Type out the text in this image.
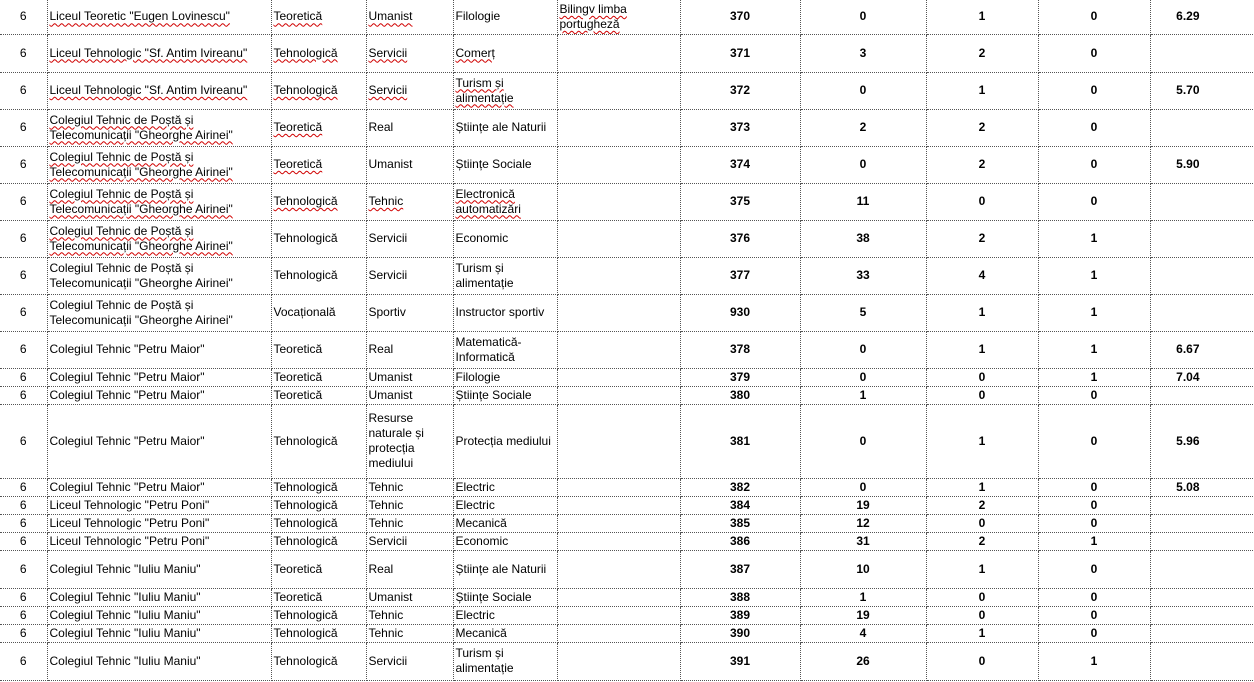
6	Liceul Teoretic "Eugen Lovinescu"	Teoretică	Umanist	Filologie	Bilingv limba portugheză	370	0	1	0	6.29
6	Liceul Tehnologic "Sf. Antim Ivireanu"	Tehnologică	Servicii	Comerț		371	3	2	0	
6	Liceul Tehnologic "Sf. Antim Ivireanu"	Tehnologică	Servicii	Turism și alimentație		372	0	1	0	5.70
6	Colegiul Tehnic de Poștă și Telecomunicații "Gheorghe Airinei"	Teoretică	Real	Științe ale Naturii		373	2	2	0	
6	Colegiul Tehnic de Poștă și Telecomunicații "Gheorghe Airinei"	Teoretică	Umanist	Științe Sociale		374	0	2	0	5.90
6	Colegiul Tehnic de Poștă și Telecomunicații "Gheorghe Airinei"	Tehnologică	Tehnic	Electronică automatizări		375	11	0	0	
6	Colegiul Tehnic de Poștă și Telecomunicații "Gheorghe Airinei"	Tehnologică	Servicii	Economic		376	38	2	1	
6	Colegiul Tehnic de Poștă și Telecomunicații "Gheorghe Airinei"	Tehnologică	Servicii	Turism și alimentație		377	33	4	1	
6	Colegiul Tehnic de Poștă și Telecomunicații "Gheorghe Airinei"	Vocațională	Sportiv	Instructor sportiv		930	5	1	1	
6	Colegiul Tehnic "Petru Maior"	Teoretică	Real	Matematică-Informatică		378	0	1	1	6.67
6	Colegiul Tehnic "Petru Maior"	Teoretică	Umanist	Filologie		379	0	0	1	7.04
6	Colegiul Tehnic "Petru Maior"	Teoretică	Umanist	Științe Sociale		380	1	0	0	
6	Colegiul Tehnic "Petru Maior"	Tehnologică	Resurse naturale și protecția mediului	Protecția mediului		381	0	1	0	5.96
6	Colegiul Tehnic "Petru Maior"	Tehnologică	Tehnic	Electric		382	0	1	0	5.08
6	Liceul Tehnologic "Petru Poni"	Tehnologică	Tehnic	Electric		384	19	2	0	
6	Liceul Tehnologic "Petru Poni"	Tehnologică	Tehnic	Mecanică		385	12	0	0	
6	Liceul Tehnologic "Petru Poni"	Tehnologică	Servicii	Economic		386	31	2	1	
6	Colegiul Tehnic "Iuliu Maniu"	Teoretică	Real	Științe ale Naturii		387	10	1	0	
6	Colegiul Tehnic "Iuliu Maniu"	Teoretică	Umanist	Științe Sociale		388	1	0	0	
6	Colegiul Tehnic "Iuliu Maniu"	Tehnologică	Tehnic	Electric		389	19	0	0	
6	Colegiul Tehnic "Iuliu Maniu"	Tehnologică	Tehnic	Mecanică		390	4	1	0	
6	Colegiul Tehnic "Iuliu Maniu"	Tehnologică	Servicii	Turism și alimentație		391	26	0	1	
